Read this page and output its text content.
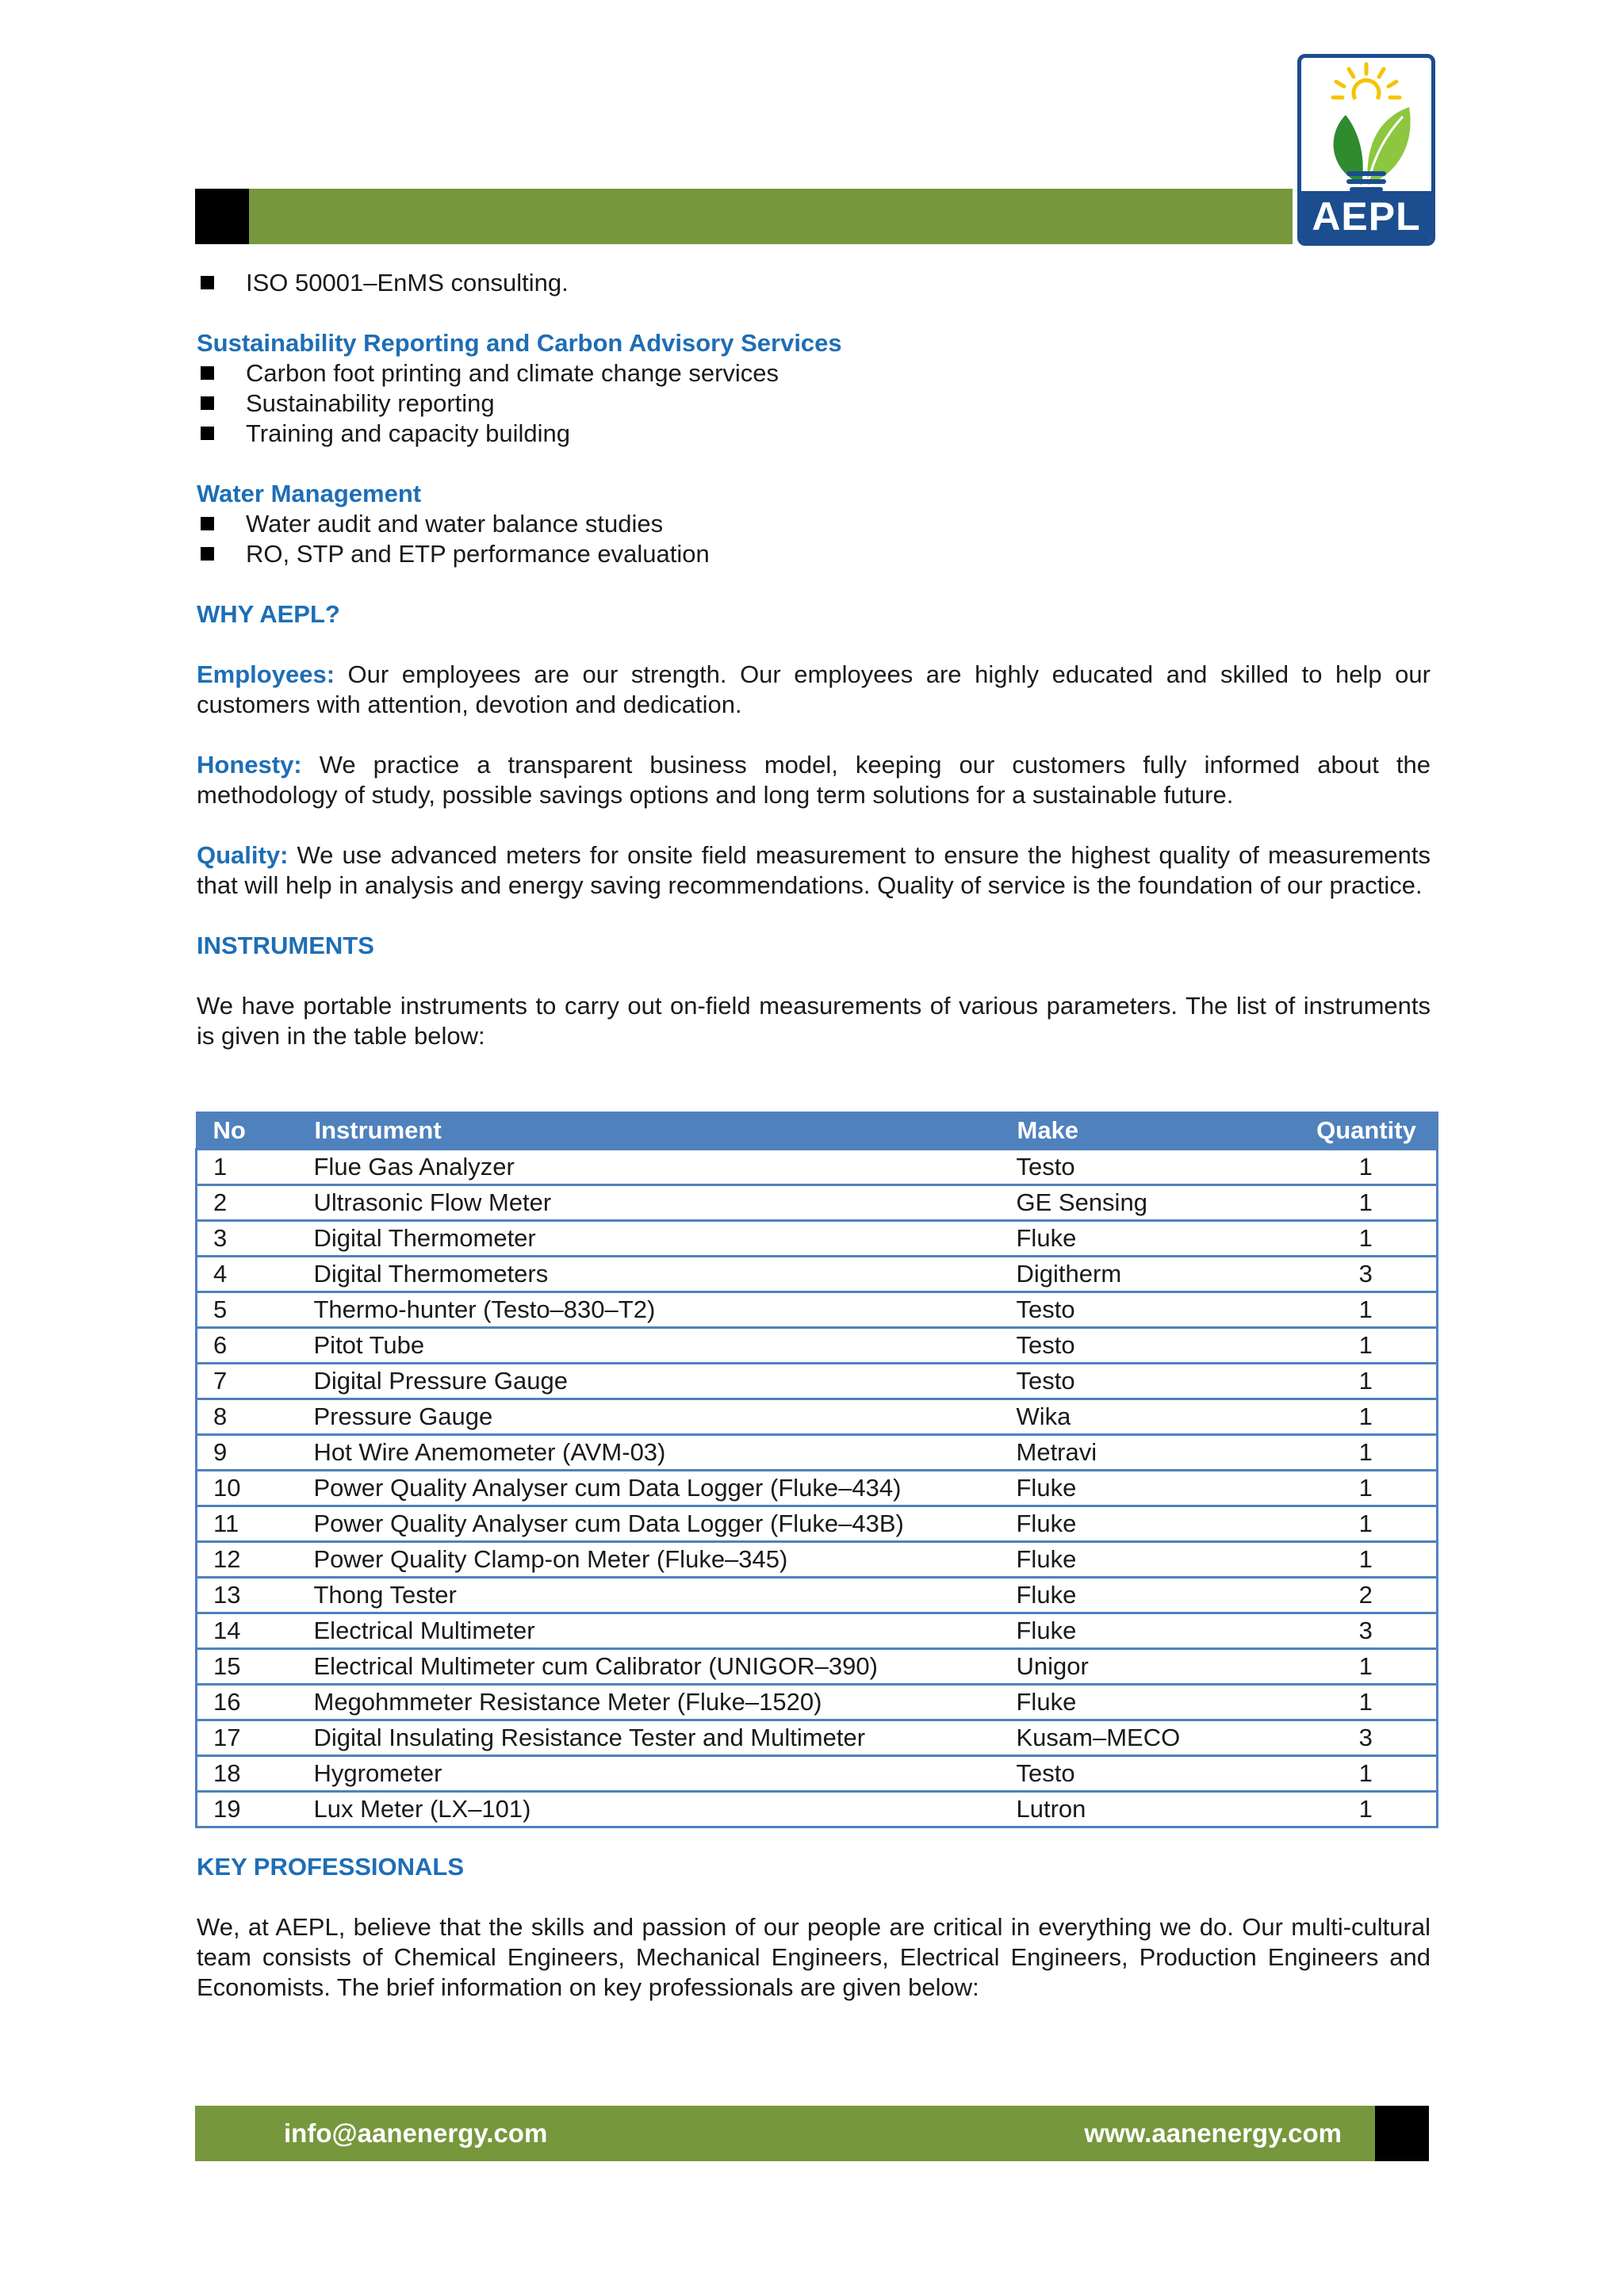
AEPL
ISO 50001–EnMS consulting.
Sustainability Reporting and Carbon Advisory Services
Carbon foot printing and climate change services
Sustainability reporting
Training and capacity building
Water Management
Water audit and water balance studies
RO, STP and ETP performance evaluation
WHY AEPL?

Employees: Our employees are our strength. Our employees are highly educated and skilled to help our customers with attention, devotion and dedication.

Honesty: We practice a transparent business model, keeping our customers fully informed about the methodology of study, possible savings options and long term solutions for a sustainable future.

Quality: We use advanced meters for onsite field measurement to ensure the highest quality of measurements that will help in analysis and energy saving recommendations. Quality of service is the foundation of our practice.

INSTRUMENTS

We have portable instruments to carry out on-field measurements of various parameters. The list of instruments is given in the table below:

No	Instrument	Make	Quantity
1	Flue Gas Analyzer	Testo	1
2	Ultrasonic Flow Meter	GE Sensing	1
3	Digital Thermometer	Fluke	1
4	Digital Thermometers	Digitherm	3
5	Thermo-hunter (Testo–830–T2)	Testo	1
6	Pitot Tube	Testo	1
7	Digital Pressure Gauge	Testo	1
8	Pressure Gauge	Wika	1
9	Hot Wire Anemometer (AVM-03)	Metravi	1
10	Power Quality Analyser cum Data Logger (Fluke–434)	Fluke	1
11	Power Quality Analyser cum Data Logger (Fluke–43B)	Fluke	1
12	Power Quality Clamp-on Meter (Fluke–345)	Fluke	1
13	Thong Tester	Fluke	2
14	Electrical Multimeter	Fluke	3
15	Electrical Multimeter cum Calibrator (UNIGOR–390)	Unigor	1
16	Megohmmeter Resistance Meter (Fluke–1520)	Fluke	1
17	Digital Insulating Resistance Tester and Multimeter	Kusam–MECO	3
18	Hygrometer	Testo	1
19	Lux Meter (LX–101)	Lutron	1
KEY PROFESSIONALS

We, at AEPL, believe that the skills and passion of our people are critical in everything we do. Our multi-cultural team consists of Chemical Engineers, Mechanical Engineers, Electrical Engineers, Production Engineers and Economists. The brief information on key professionals are given below:

info@aanenergy.com	www.aanenergy.com
